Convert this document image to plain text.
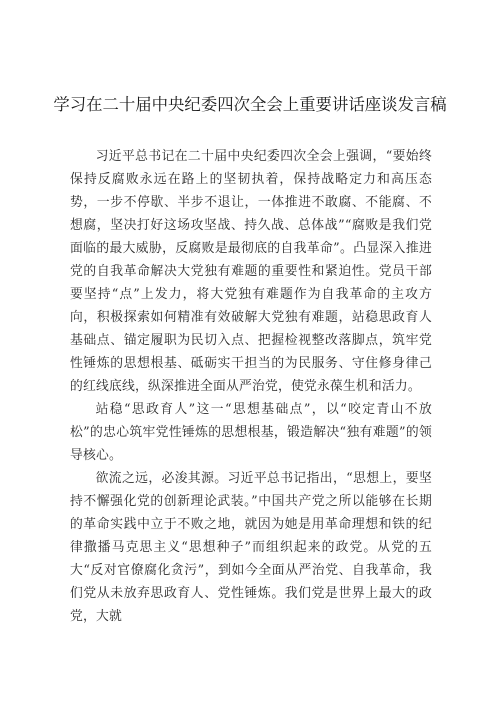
学习在二十届中央纪委四次全会上重要讲话座谈发言稿

习近平总书记在二十届中央纪委四次全会上强调，“要始终保持反腐败永远在路上的坚韧执着，保持战略定力和高压态势，一步不停歇、半步不退让，一体推进不敢腐、不能腐、不想腐，坚决打好这场攻坚战、持久战、总体战”“腐败是我们党面临的最大威胁，反腐败是最彻底的自我革命”。凸显深入推进党的自我革命解决大党独有难题的重要性和紧迫性。党员干部要坚持“点”上发力，将大党独有难题作为自我革命的主攻方向，积极探索如何精准有效破解大党独有难题，站稳思政育人基础点、锚定履职为民切入点、把握检视整改落脚点，筑牢党性锤炼的思想根基、砥砺实干担当的为民服务、守住修身律己的红线底线，纵深推进全面从严治党，使党永葆生机和活力。

站稳“思政育人”这一“思想基础点”，以“咬定青山不放松”的忠心筑牢党性锤炼的思想根基，锻造解决“独有难题”的领导核心。

欲流之远，必浚其源。习近平总书记指出，“思想上，要坚持不懈强化党的创新理论武装。”中国共产党之所以能够在长期的革命实践中立于不败之地，就因为她是用革命理想和铁的纪律撒播马克思主义“思想种子”而组织起来的政党。从党的五大“反对官僚腐化贪污”，到如今全面从严治党、自我革命，我们党从未放弃思政育人、党性锤炼。我们党是世界上最大的政党，大就
